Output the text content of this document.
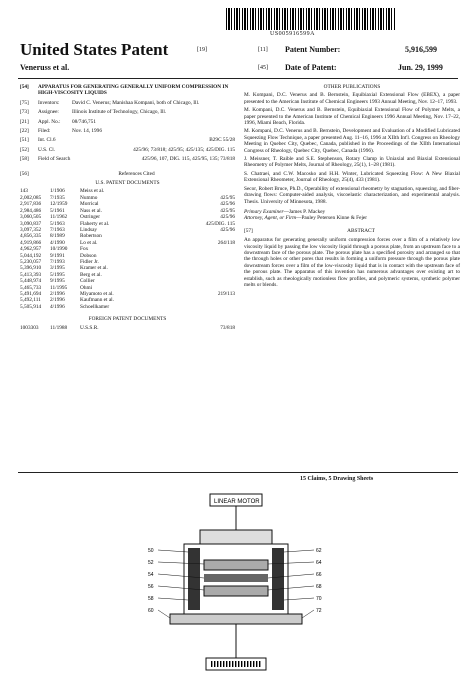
US005916599A
United States Patent	[19]
Veneruss et al.
[11] Patent Number:	5,916,599
[45] Date of Patent:	Jun. 29, 1999
[54]	APPARATUS FOR GENERATING GENERALLY UNIFORM COMPRESSION IN HIGH-VISCOSITY LIQUIDS
[75]	Inventors:	David C. Venerus; Manishaa Kompani, both of Chicago, Ill.
[73]	Assignee:	Illinois Institute of Technology, Chicago, Ill.
[21]	Appl. No.:	08/746,751
[22]	Filed:	Nov. 14, 1996
[51]	Int. Cl.6	B29C 55/28
[52]	U.S. Cl.	425/96; 73/818; 425/95; 425/135; 425/DIG. 115
[58]	Field of Search	425/96, 107, DIG. 115, 425/95, 135; 73/818
[56]	References Cited
U.S. PATENT DOCUMENTS
143	1/1906	Meiss et al.
2,002,085	7/1935	Nummo	425/95
2,917,836	12/1959	Morrical	425/96
2,984,486	5/1961	Nass et al.	425/95
3,060,505	11/1962	Ostringer	425/96
3,090,837	5/1963	Flaherty et al.	425/DIG. 115
3,097,352	7/1963	Lindsay	425/96
4,856,335	8/1989	Robertson
4,919,866	4/1990	Lo et al.	264/118
4,962,957	10/1990	Fox
5,044,192	9/1991	Dobson
5,230,057	7/1993	Fidler Jr.
5,396,910	3/1995	Kramer et al.
5,413,393	5/1995	Berg et al.
5,448,974	9/1995	Collier
5,465,733	11/1995	Ohmi
5,491,694	2/1996	Miyamoto et al.	219/113
5,492,111	2/1996	Kaufmann et al.
5,505,914	4/1996	Schoellkamer
FOREIGN PATENT DOCUMENTS
1003303	11/1988	U.S.S.R.	73/818
OTHER PUBLICATIONS
M. Kompani, D.C. Venerus and B. Bernstein, Equibiaxial Extensional Flow (EBEX), a paper presented to the American Institute of Chemical Engineers 1993 Annual Meeting, Nov. 12–17, 1993.
M. Kompani, D.C. Venerus and B. Bernstein, Equibiaxial Extensional Flow of Polymer Melts, a paper presented to the American Institute of Chemical Engineers 1996 Annual Meeting, Nov. 17–22, 1996, Miami Beach, Florida.
M. Kompani, D.C. Venerus and B. Bernstein, Development and Evaluation of a Modified Lubricated Squeezing Flow Technique, a paper presented Aug. 11–16, 1996 at XIIth Int'l. Congress on Rheology Meeting in Quebec City, Quebec, Canada, published in the Proceedings of the XIIth International Congress of Rheology, Quebec City, Quebec, Canada (1996).
J. Meissner, T. Raible and S.E. Stephenson, Rotary Clamp in Uniaxial and Biaxial Extensional Rheometry of Polymer Melts, Journal of Rheology, 25(1), 1–28 (1981).
S. Chatraei, and C.W. Macosko and H.H. Winter, Lubricated Squeezing Flow: A New Biaxial Extensional Rheometer, Journal of Rheology, 25(4), 433 (1981).
Secor, Robert Bruce, Ph.D., Operability of extensional rheometry by stagnation, squeezing, and fiber-drawing flows: Computer-aided analysis, viscoelastic characterization, and experimental analysis. Thesis. University of Minnesota, 1988.
Primary Examiner—James P. Mackey
Attorney, Agent, or Firm—Pauley Petersen Kinne & Fejer
[57]	ABSTRACT
An apparatus for generating generally uniform compression forces over a film of a relatively low viscosity liquid by passing the low viscosity liquid through a porous plate, from an upstream face to a downstream face of the porous plate. The porous plate has a specified porosity and arranged so that the through holes or other pores that results in forming a uniform pressure through the porous plate downstream forces over a film of the low-viscosity liquid that is in contact with the upstream face of the porous plate. The apparatus of this invention has numerous advantages over existing art to establish, such as rheologically motionless flow profiles, and polymeric systems, synthetic polymer melts or blends.
15 Claims, 5 Drawing Sheets
LINEAR MOTOR
50
52
54
56
58
60
62
64
66
68
70
72
